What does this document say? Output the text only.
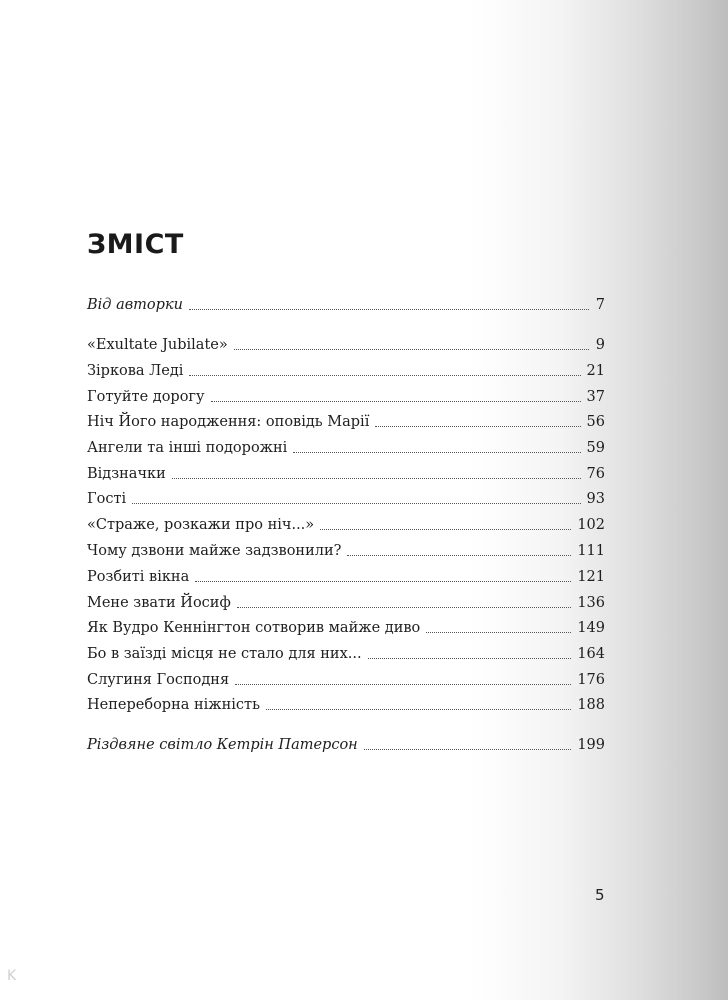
ЗМІСТ
Від авторки	7
«Exultate Jubilate»	9
Зіркова Леді	21
Готуйте дорогу	37
Ніч Його народження: оповідь Марії	56
Ангели та інші подорожні	59
Відзначки	76
Гості	93
«Страже, розкажи про ніч...»	102
Чому дзвони майже задзвонили?	111
Розбиті вікна	121
Мене звати Йосиф	136
Як Вудро Кеннінгтон сотворив майже диво	149
Бо в заїзді місця не стало для них...	164
Слугиня Господня	176
Непереборна ніжність	188
Різдвяне світло Кетрін Патерсон	199
5
K
